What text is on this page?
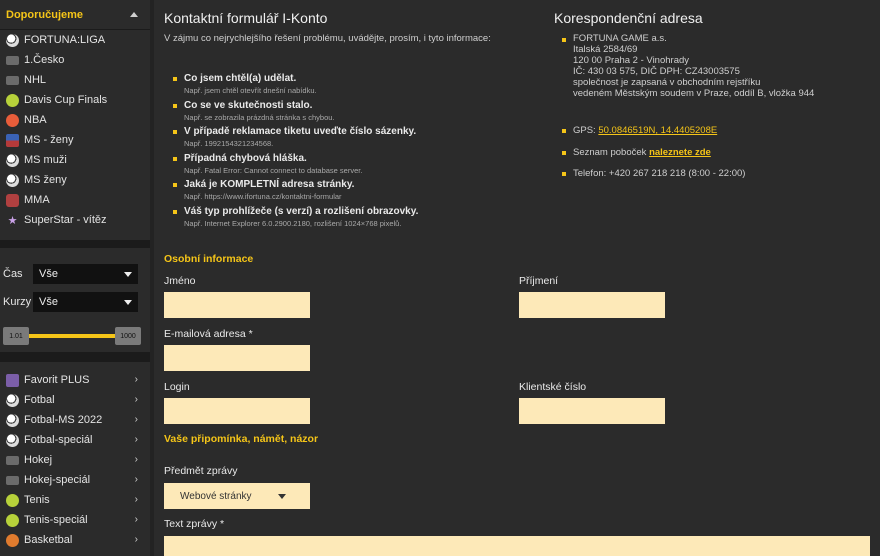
Doporučujeme
FORTUNA:LIGA
1.Česko
NHL
Davis Cup Finals
NBA
MS - ženy
MS muži
MS ženy
MMA
★ SuperStar - vítěz
Čas	Vše
Kurzy Vše
1.01	1000
Favorit PLUS	›
Fotbal	›
Fotbal-MS 2022	›
Fotbal-speciál	›
Hokej	›
Hokej-speciál	›
Tenis	›
Tenis-speciál	›
Basketbal	›
Kontaktní formulář I-Konto

V zájmu co nejrychlejšího řešení problému, uvádějte, prosím, i tyto informace:

Co jsem chtěl(a) udělat.
Např. jsem chtěl otevřít dnešní nabídku.
Co se ve skutečnosti stalo.
Např. se zobrazila prázdná stránka s chybou.
V případě reklamace tiketu uveďte číslo sázenky.
Např. 1992154321234568.
Případná chybová hláška.
Např. Fatal Error: Cannot connect to database server.
Jaká je KOMPLETNÍ adresa stránky.
Např. https://www.ifortuna.cz/kontaktni-formular
Váš typ prohlížeče (s verzí) a rozlišení obrazovky.
Např. Internet Explorer 6.0.2900.2180, rozlišení 1024×768 pixelů.
Korespondenční adresa
FORTUNA GAME a.s.
Italská 2584/69
120 00 Praha 2 - Vinohrady
IČ: 430 03 575, DIČ DPH: CZ43003575
společnost je zapsaná v obchodním rejstříku
vedeném Městským soudem v Praze, oddíl B, vložka 944
GPS: 50.0846519N, 14.4405208E
Seznam poboček naleznete zde
Telefon: +420 267 218 218 (8:00 - 22:00)
Osobní informace
Jméno	Příjmení
E-mailová adresa *
Login	Klientské číslo
Vaše připomínka, námět, názor
Předmět zprávy
Webové stránky
Text zprávy *
